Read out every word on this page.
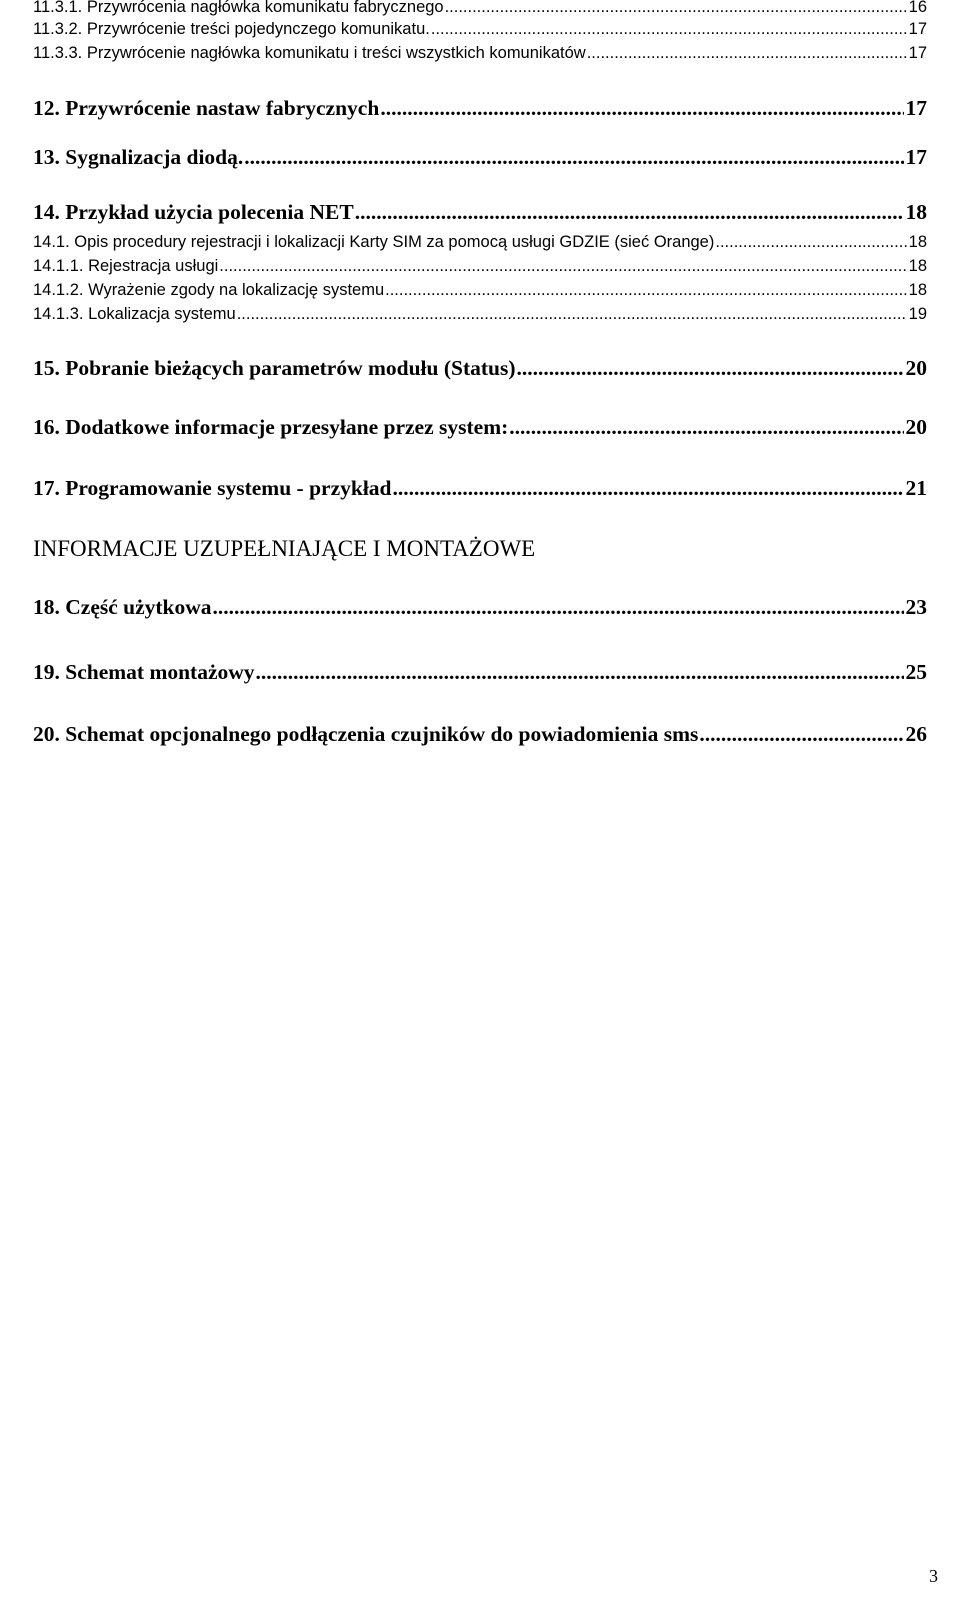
11.3.1. Przywrócenia nagłówka komunikatu fabrycznego .....	16
11.3.2. Przywrócenie treści pojedynczego komunikatu. .....	17
11.3.3. Przywrócenie nagłówka komunikatu i treści wszystkich komunikatów .....	17
12. Przywrócenie nastaw fabrycznych .....	17
13. Sygnalizacja diodą. .....	17
14. Przykład użycia polecenia NET .....	18
14.1. Opis procedury rejestracji i lokalizacji Karty SIM za pomocą usługi GDZIE (sieć Orange) .....	18
14.1.1. Rejestracja usługi .....	18
14.1.2. Wyrażenie zgody na lokalizację systemu .....	18
14.1.3. Lokalizacja systemu .....	19
15. Pobranie bieżących parametrów modułu (Status) .....	20
16. Dodatkowe informacje przesyłane przez system: .....	20
17. Programowanie systemu - przykład .....	21
INFORMACJE UZUPEŁNIAJĄCE I MONTAŻOWE
18. Część użytkowa .....	23
19. Schemat montażowy .....	25
20. Schemat opcjonalnego podłączenia czujników do powiadomienia sms .....	26
3
